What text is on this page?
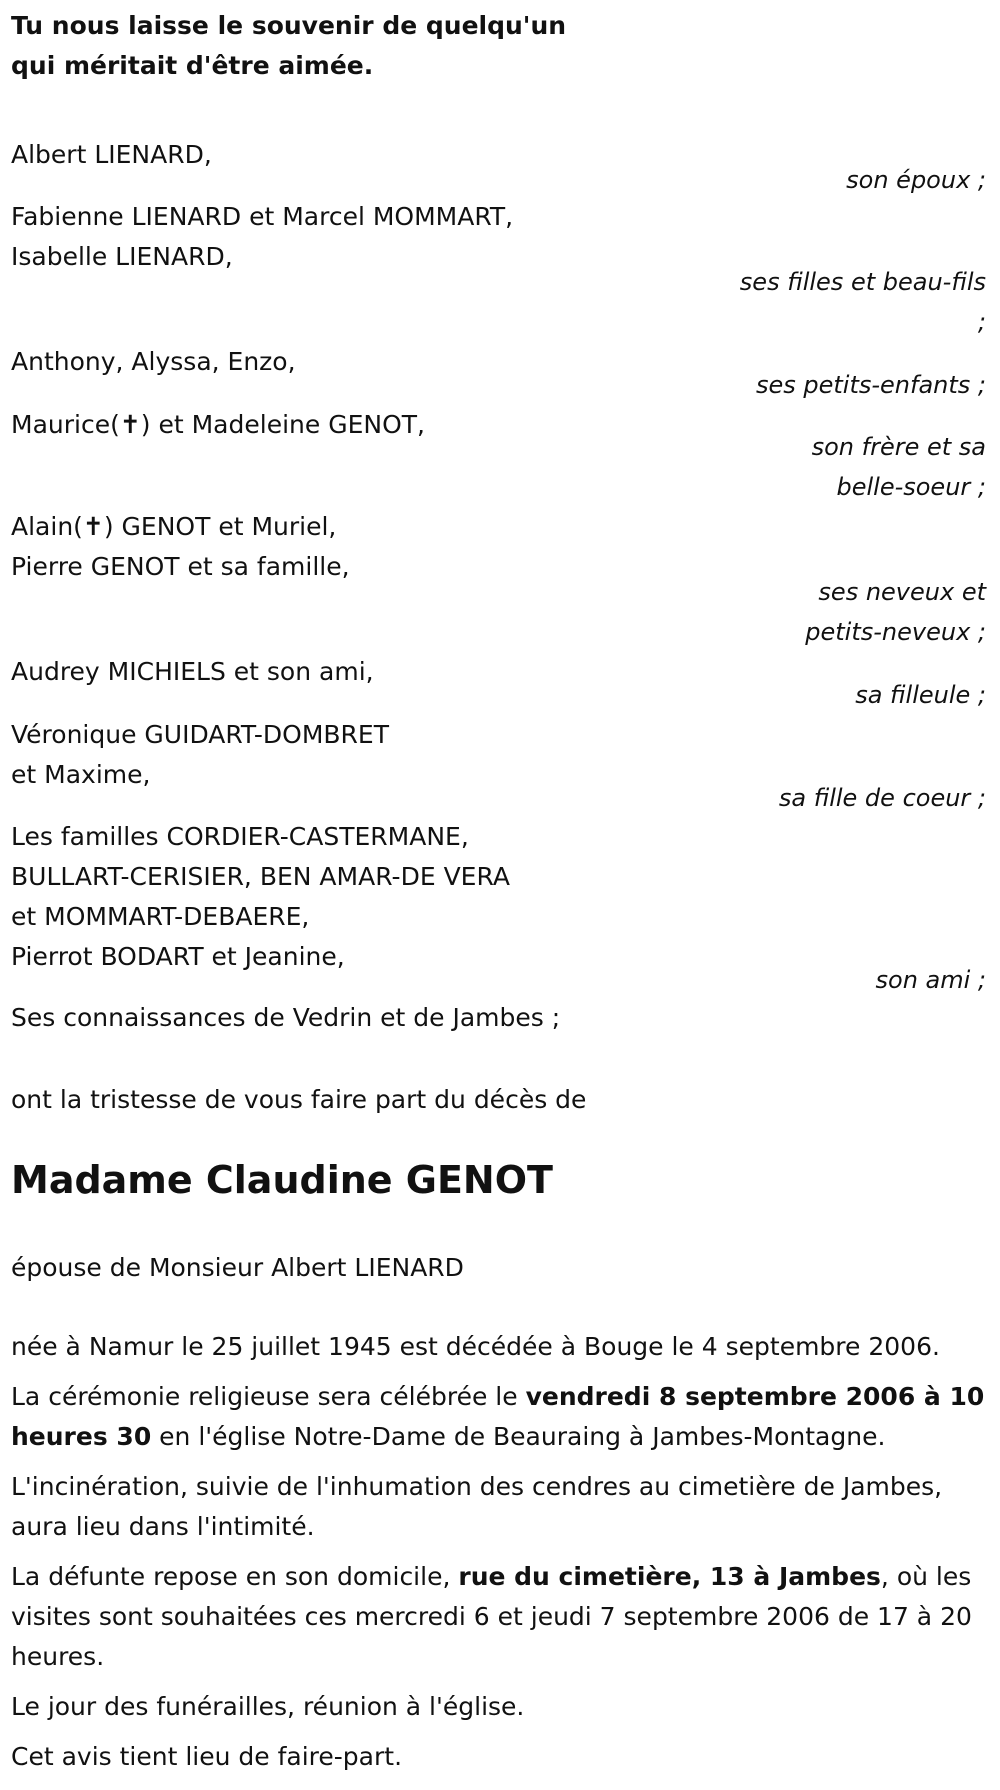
Tu nous laisse le souvenir de quelqu'un
qui méritait d'être aimée.
Albert LIENARD,
son époux ;
Fabienne LIENARD et Marcel MOMMART,
Isabelle LIENARD,
ses filles et beau-fils
;
Anthony, Alyssa, Enzo,
ses petits-enfants ;
Maurice(✝) et Madeleine GENOT,
son frère et sa
belle-soeur ;
Alain(✝) GENOT et Muriel,
Pierre GENOT et sa famille,
ses neveux et
petits-neveux ;
Audrey MICHIELS et son ami,
sa filleule ;
Véronique GUIDART-DOMBRET
et Maxime,
sa fille de coeur ;
Les familles CORDIER-CASTERMANE,
BULLART-CERISIER, BEN AMAR-DE VERA
et MOMMART-DEBAERE,
Pierrot BODART et Jeanine,
son ami ;
Ses connaissances de Vedrin et de Jambes ;
ont la tristesse de vous faire part du décès de
Madame Claudine GENOT
épouse de Monsieur Albert LIENARD
née à Namur le 25 juillet 1945 est décédée à Bouge le 4 septembre 2006.
La cérémonie religieuse sera célébrée le vendredi 8 septembre 2006 à 10 heures 30 en l'église Notre-Dame de Beauraing à Jambes-Montagne.
L'incinération, suivie de l'inhumation des cendres au cimetière de Jambes, aura lieu dans l'intimité.
La défunte repose en son domicile, rue du cimetière, 13 à Jambes, où les visites sont souhaitées ces mercredi 6 et jeudi 7 septembre 2006 de 17 à 20 heures.
Le jour des funérailles, réunion à l'église.
Cet avis tient lieu de faire-part.
